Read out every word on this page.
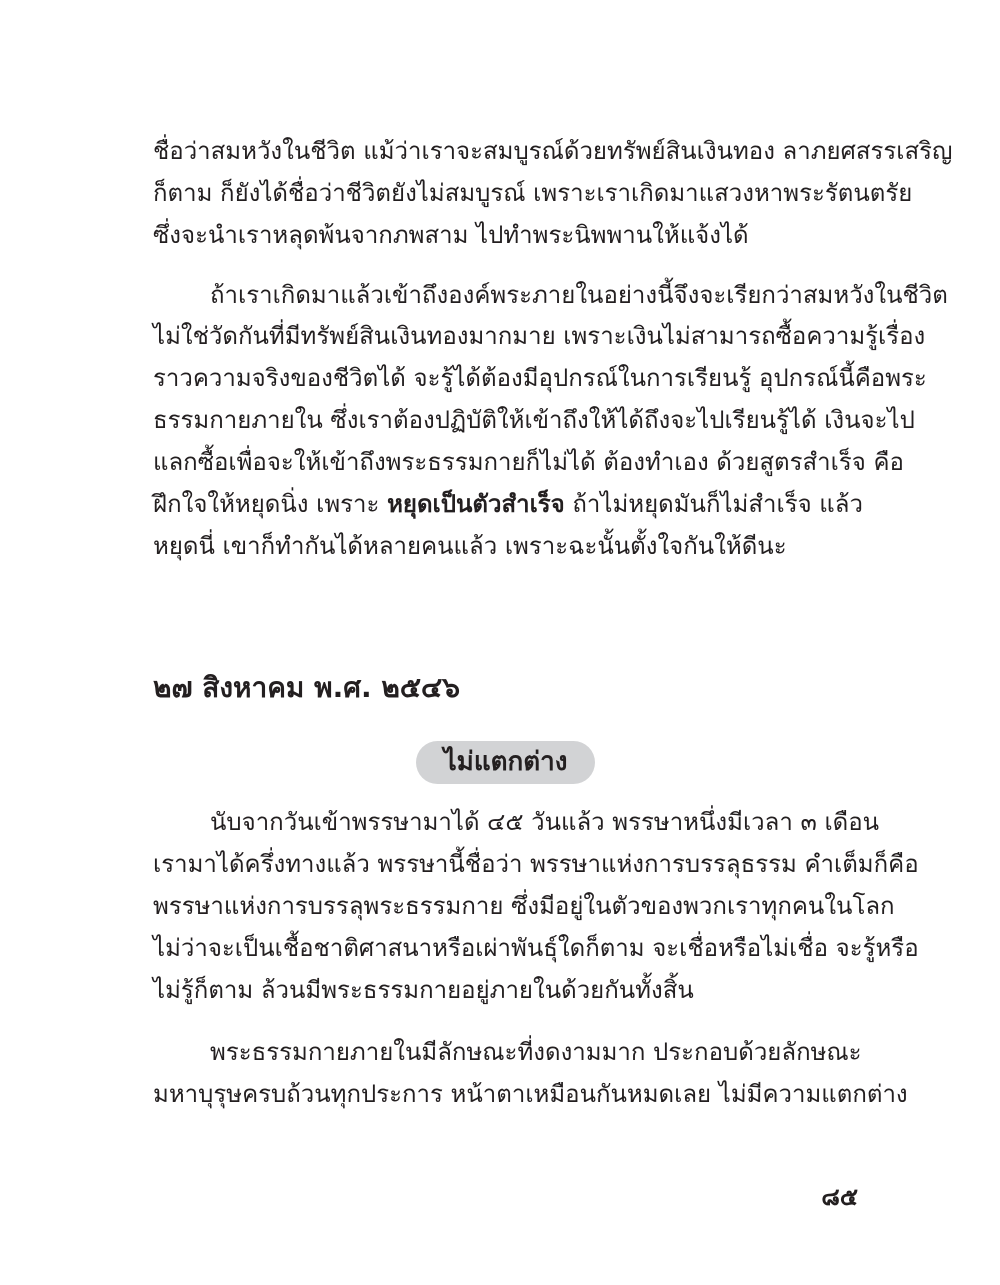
ชื่อว่าสมหวังในชีวิต แม้ว่าเราจะสมบูรณ์ด้วยทรัพย์สินเงินทอง ลาภยศสรรเสริญ
ก็ตาม ก็ยังได้ชื่อว่าชีวิตยังไม่สมบูรณ์ เพราะเราเกิดมาแสวงหาพระรัตนตรัย
ซึ่งจะนำเราหลุดพ้นจากภพสาม ไปทำพระนิพพานให้แจ้งได้
ถ้าเราเกิดมาแล้วเข้าถึงองค์พระภายในอย่างนี้จึงจะเรียกว่าสมหวังในชีวิต
ไม่ใช่วัดกันที่มีทรัพย์สินเงินทองมากมาย เพราะเงินไม่สามารถซื้อความรู้เรื่อง
ราวความจริงของชีวิตได้ จะรู้ได้ต้องมีอุปกรณ์ในการเรียนรู้ อุปกรณ์นี้คือพระ
ธรรมกายภายใน ซึ่งเราต้องปฏิบัติให้เข้าถึงให้ได้ถึงจะไปเรียนรู้ได้ เงินจะไป
แลกซื้อเพื่อจะให้เข้าถึงพระธรรมกายก็ไม่ได้ ต้องทำเอง ด้วยสูตรสำเร็จ คือ
ฝึกใจให้หยุดนิ่ง เพราะ หยุดเป็นตัวสำเร็จ ถ้าไม่หยุดมันก็ไม่สำเร็จ แล้ว
หยุดนี่ เขาก็ทำกันได้หลายคนแล้ว เพราะฉะนั้นตั้งใจกันให้ดีนะ
๒๗ สิงหาคม พ.ศ. ๒๕๔๖
ไม่แตกต่าง
นับจากวันเข้าพรรษามาได้ ๔๕ วันแล้ว พรรษาหนึ่งมีเวลา ๓ เดือน
เรามาได้ครึ่งทางแล้ว พรรษานี้ชื่อว่า พรรษาแห่งการบรรลุธรรม คำเต็มก็คือ
พรรษาแห่งการบรรลุพระธรรมกาย ซึ่งมีอยู่ในตัวของพวกเราทุกคนในโลก
ไม่ว่าจะเป็นเชื้อชาติศาสนาหรือเผ่าพันธุ์ใดก็ตาม จะเชื่อหรือไม่เชื่อ จะรู้หรือ
ไม่รู้ก็ตาม ล้วนมีพระธรรมกายอยู่ภายในด้วยกันทั้งสิ้น
พระธรรมกายภายในมีลักษณะที่งดงามมาก ประกอบด้วยลักษณะ
มหาบุรุษครบถ้วนทุกประการ หน้าตาเหมือนกันหมดเลย ไม่มีความแตกต่าง
๘๕
